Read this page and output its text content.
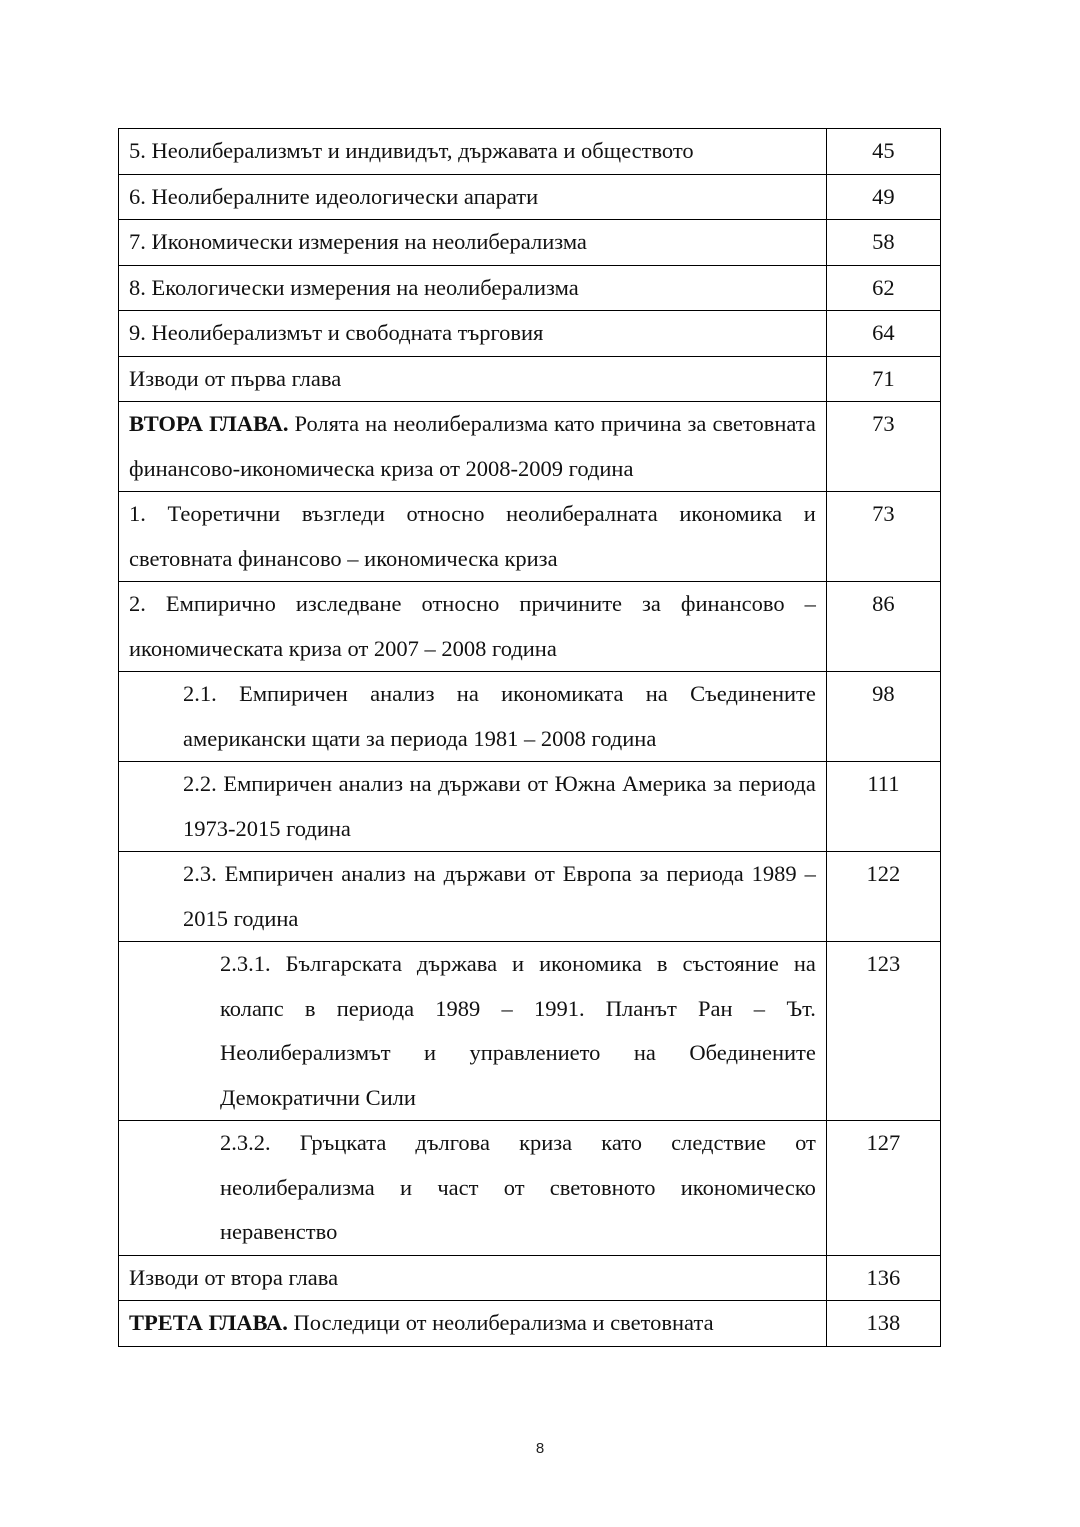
5. Неолиберализмът и индивидът, държавата и обществото	45
6. Неолибералните идеологически апарати	49
7. Икономически измерения на неолиберализма	58
8. Екологически измерения на неолиберализма	62
9. Неолиберализмът и свободната търговия	64
Изводи от първа глава	71
ВТОРА ГЛАВА. Ролята на неолиберализма като причина за световната финансово-икономическа криза от 2008-2009 година	73
1. Теоретични възгледи относно неолибералната икономика и световната финансово – икономическа криза	73
2. Емпирично изследване относно причините за финансово – икономическата криза от 2007 – 2008 година	86
2.1. Емпиричен анализ на икономиката на Съединените американски щати за периода 1981 – 2008 година	98
2.2. Емпиричен анализ на държави от Южна Америка за периода 1973-2015 година	111
2.3. Емпиричен анализ на държави от Европа за периода 1989 – 2015 година	122
2.3.1. Българската държава и икономика в състояние на колапс в периода 1989 – 1991. Планът Ран – Ът. Неолиберализмът и управлението на Обединените Демократични Сили	123
2.3.2. Гръцката дългова криза като следствие от неолиберализма и част от световното икономическо неравенство	127
Изводи от втора глава	136
ТРЕТА ГЛАВА. Последици от неолиберализма и световната	138
8
